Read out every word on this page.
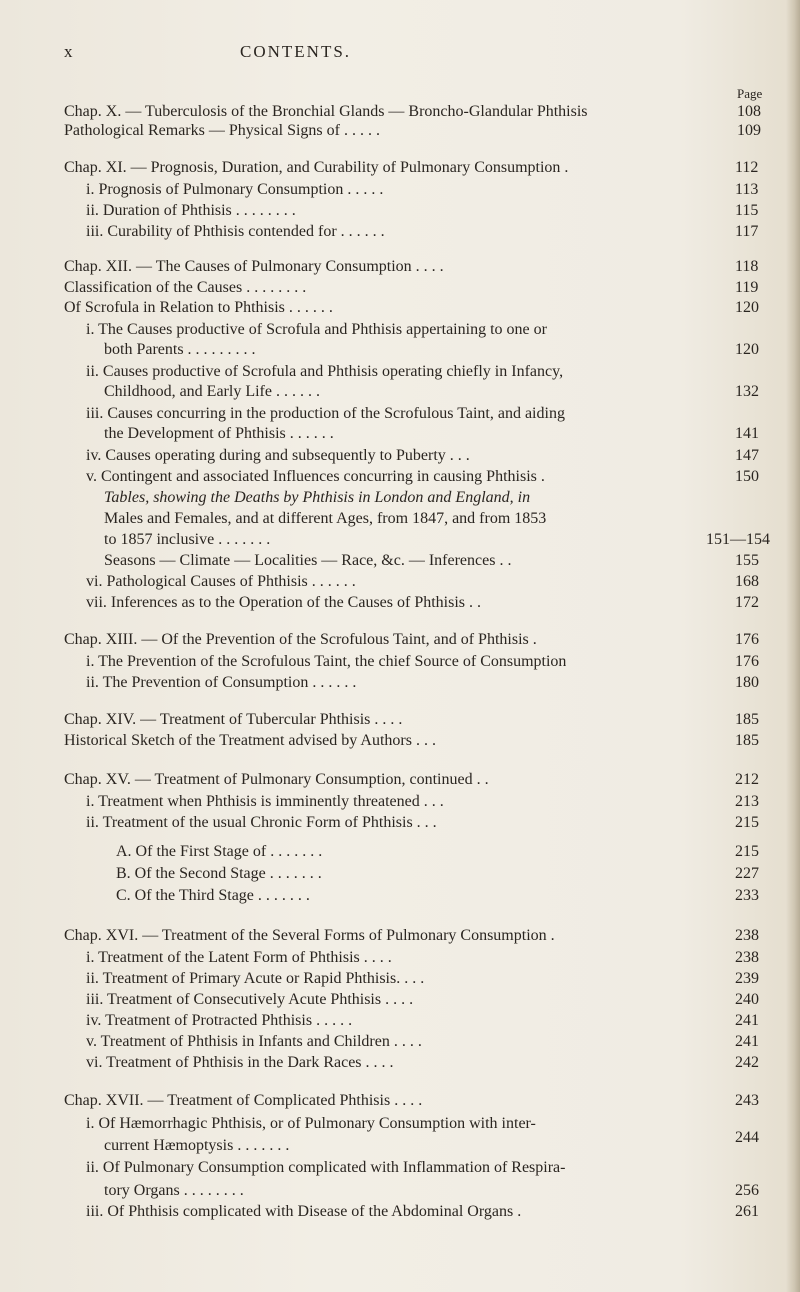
x	CONTENTS.
Page
Chap. X. — Tuberculosis of the Bronchial Glands — Broncho-Glandular Phthisis	108
Pathological Remarks — Physical Signs of . . . . .	109
Chap. XI. — Prognosis, Duration, and Curability of Pulmonary Consumption .	112
i. Prognosis of Pulmonary Consumption . . . . .	113
ii. Duration of Phthisis . . . . . . . .	115
iii. Curability of Phthisis contended for . . . . . .	117
Chap. XII. — The Causes of Pulmonary Consumption . . . .	118
Classification of the Causes . . . . . . . .	119
Of Scrofula in Relation to Phthisis . . . . . .	120
i. The Causes productive of Scrofula and Phthisis appertaining to one or
both Parents . . . . . . . . .	120
ii. Causes productive of Scrofula and Phthisis operating chiefly in Infancy,
Childhood, and Early Life . . . . . .	132
iii. Causes concurring in the production of the Scrofulous Taint, and aiding
the Development of Phthisis . . . . . .	141
iv. Causes operating during and subsequently to Puberty . . .	147
v. Contingent and associated Influences concurring in causing Phthisis .	150
Tables, showing the Deaths by Phthisis in London and England, in
Males and Females, and at different Ages, from 1847, and from 1853
to 1857 inclusive . . . . . . .	151—154
Seasons — Climate — Localities — Race, &c. — Inferences . .	155
vi. Pathological Causes of Phthisis . . . . . .	168
vii. Inferences as to the Operation of the Causes of Phthisis . .	172
Chap. XIII. — Of the Prevention of the Scrofulous Taint, and of Phthisis .	176
i. The Prevention of the Scrofulous Taint, the chief Source of Consumption	176
ii. The Prevention of Consumption . . . . . .	180
Chap. XIV. — Treatment of Tubercular Phthisis . . . .	185
Historical Sketch of the Treatment advised by Authors . . .	185
Chap. XV. — Treatment of Pulmonary Consumption, continued . .	212
i. Treatment when Phthisis is imminently threatened . . .	213
ii. Treatment of the usual Chronic Form of Phthisis . . .	215
A. Of the First Stage of . . . . . . .	215
B. Of the Second Stage . . . . . . .	227
C. Of the Third Stage . . . . . . .	233
Chap. XVI. — Treatment of the Several Forms of Pulmonary Consumption .	238
i. Treatment of the Latent Form of Phthisis . . . .	238
ii. Treatment of Primary Acute or Rapid Phthisis. . . .	239
iii. Treatment of Consecutively Acute Phthisis . . . .	240
iv. Treatment of Protracted Phthisis . . . . .	241
v. Treatment of Phthisis in Infants and Children . . . .	241
vi. Treatment of Phthisis in the Dark Races . . . .	242
Chap. XVII. — Treatment of Complicated Phthisis . . . .	243
i. Of Hæmorrhagic Phthisis, or of Pulmonary Consumption with inter-
current Hæmoptysis . . . . . . .	244
ii. Of Pulmonary Consumption complicated with Inflammation of Respira-
tory Organs . . . . . . . .	256
iii. Of Phthisis complicated with Disease of the Abdominal Organs .	261
